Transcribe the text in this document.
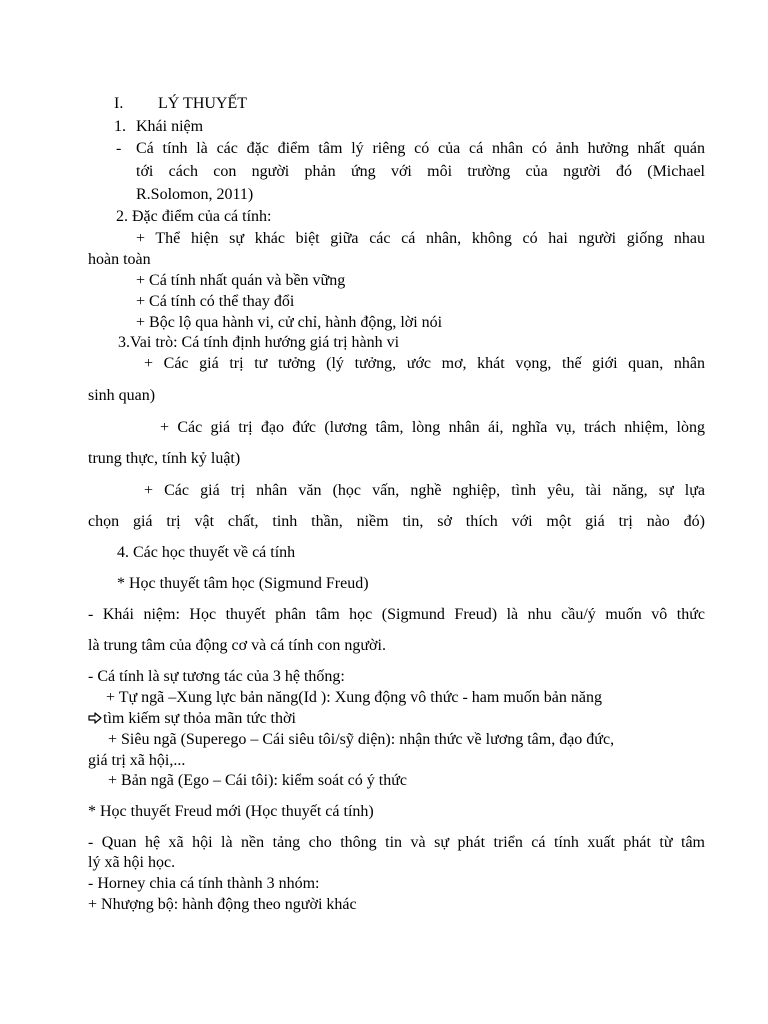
I. LÝ THUYẾT
1. Khái niệm
- Cá tính là các đặc điểm tâm lý riêng có của cá nhân có ảnh hưởng nhất quán
tới cách con người phản ứng với môi trường của người đó (Michael
R.Solomon, 2011)
2. Đặc điểm của cá tính:
+ Thể hiện sự khác biệt giữa các cá nhân, không có hai người giống nhau
hoàn toàn
+ Cá tính nhất quán và bền vững
+ Cá tính có thể thay đổi
+ Bộc lộ qua hành vi, cử chỉ, hành động, lời nói
3.Vai trò: Cá tính định hướng giá trị hành vi
+ Các giá trị tư tưởng (lý tưởng, ước mơ, khát vọng, thế giới quan, nhân
sinh quan)
+ Các giá trị đạo đức (lương tâm, lòng nhân ái, nghĩa vụ, trách nhiệm, lòng
trung thực, tính kỷ luật)
+ Các giá trị nhân văn (học vấn, nghề nghiệp, tình yêu, tài năng, sự lựa
chọn giá trị vật chất, tinh thần, niềm tin, sở thích với một giá trị nào đó)
4. Các học thuyết về cá tính
* Học thuyết tâm học (Sigmund Freud)
- Khái niệm: Học thuyết phân tâm học (Sigmund Freud) là nhu cầu/ý muốn vô thức
là trung tâm của động cơ và cá tính con người.
- Cá tính là sự tương tác của 3 hệ thống:
+ Tự ngã –Xung lực bản năng(Id ): Xung động vô thức - ham muốn bản năng
tìm kiếm sự thỏa mãn tức thời
+ Siêu ngã (Superego – Cái siêu tôi/sỹ diện): nhận thức về lương tâm, đạo đức,
giá trị xã hội,...
+ Bản ngã (Ego – Cái tôi): kiểm soát có ý thức
* Học thuyết Freud mới (Học thuyết cá tính)
- Quan hệ xã hội là nền tảng cho thông tin và sự phát triển cá tính xuất phát từ tâm
lý xã hội học.
- Horney chia cá tính thành 3 nhóm:
+ Nhượng bộ: hành động theo người khác
